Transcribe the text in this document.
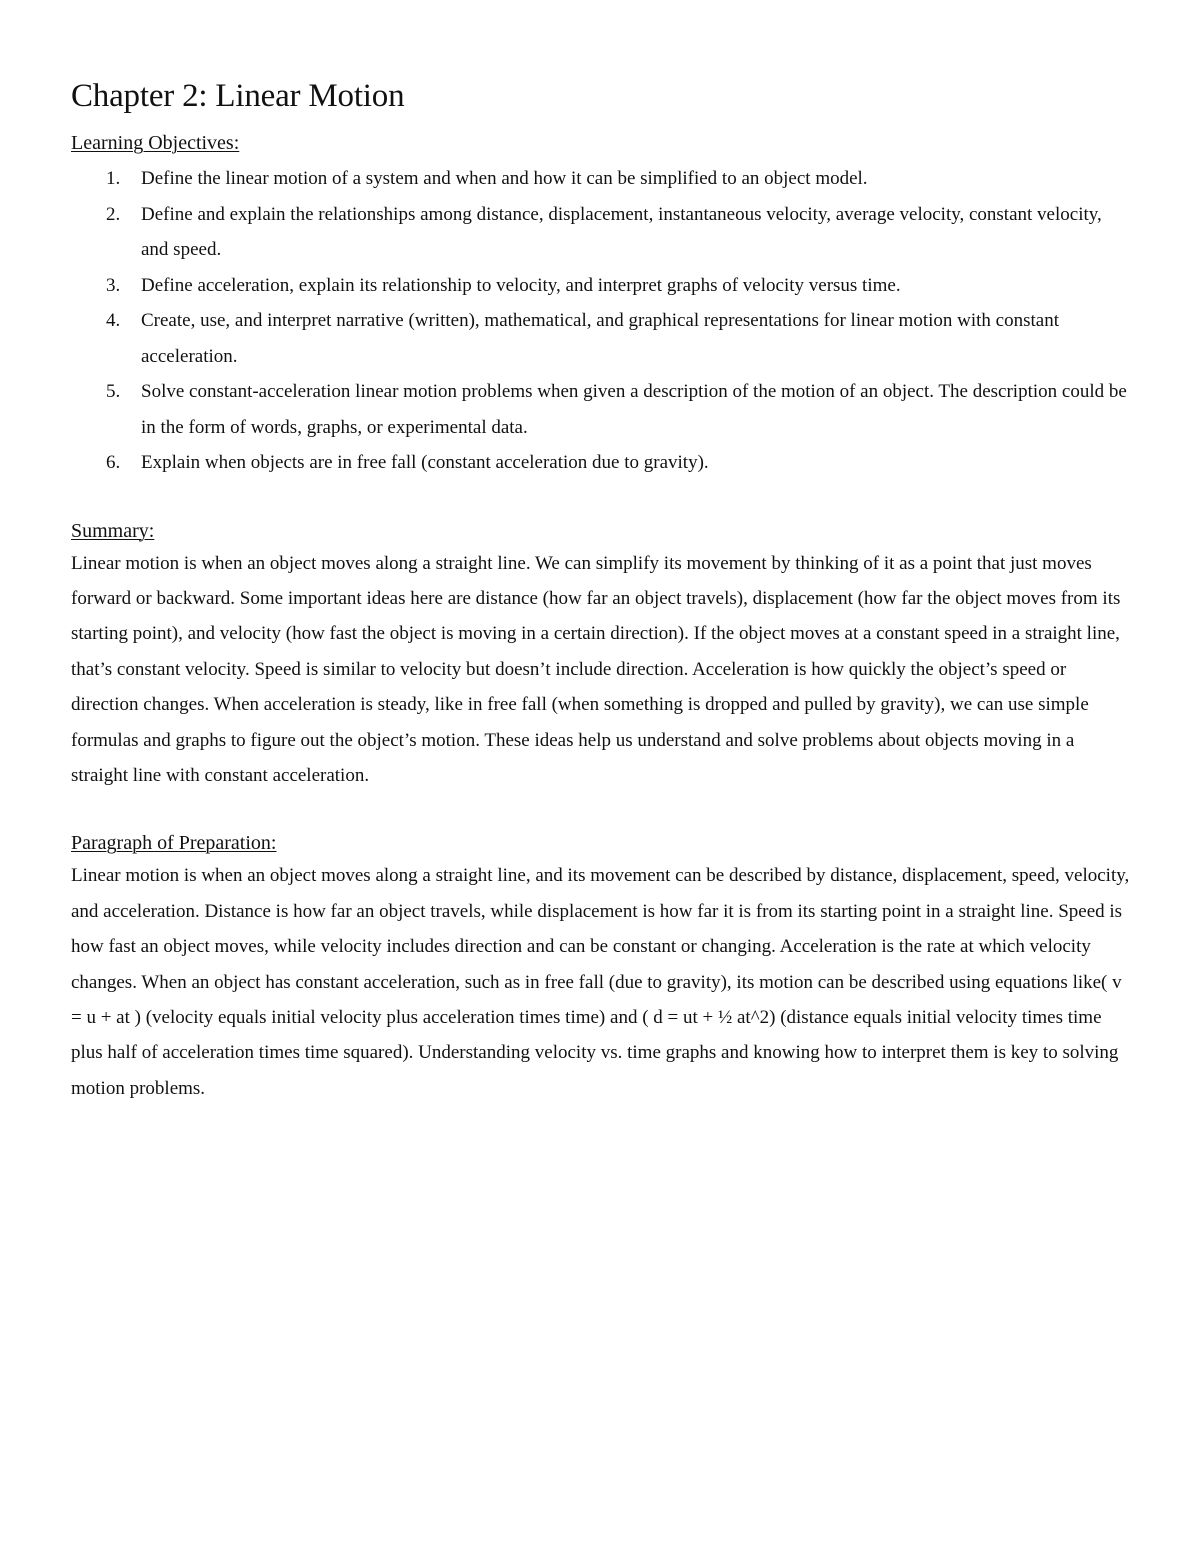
Chapter 2: Linear Motion
Learning Objectives:
1. Define the linear motion of a system and when and how it can be simplified to an object model.
2. Define and explain the relationships among distance, displacement, instantaneous velocity, average velocity, constant velocity, and speed.
3. Define acceleration, explain its relationship to velocity, and interpret graphs of velocity versus time.
4. Create, use, and interpret narrative (written), mathematical, and graphical representations for linear motion with constant acceleration.
5. Solve constant-acceleration linear motion problems when given a description of the motion of an object. The description could be in the form of words, graphs, or experimental data.
6. Explain when objects are in free fall (constant acceleration due to gravity).
Summary:

Linear motion is when an object moves along a straight line. We can simplify its movement by thinking of it as a point that just moves forward or backward. Some important ideas here are distance (how far an object travels), displacement (how far the object moves from its starting point), and velocity (how fast the object is moving in a certain direction). If the object moves at a constant speed in a straight line, that’s constant velocity. Speed is similar to velocity but doesn’t include direction. Acceleration is how quickly the object’s speed or direction changes. When acceleration is steady, like in free fall (when something is dropped and pulled by gravity), we can use simple formulas and graphs to figure out the object’s motion. These ideas help us understand and solve problems about objects moving in a straight line with constant acceleration.

Paragraph of Preparation:

Linear motion is when an object moves along a straight line, and its movement can be described by distance, displacement, speed, velocity, and acceleration. Distance is how far an object travels, while displacement is how far it is from its starting point in a straight line. Speed is how fast an object moves, while velocity includes direction and can be constant or changing. Acceleration is the rate at which velocity changes. When an object has constant acceleration, such as in free fall (due to gravity), its motion can be described using equations like( v = u + at ) (velocity equals initial velocity plus acceleration times time) and ( d = ut + ½ at^2) (distance equals initial velocity times time plus half of acceleration times time squared). Understanding velocity vs. time graphs and knowing how to interpret them is key to solving motion problems.
